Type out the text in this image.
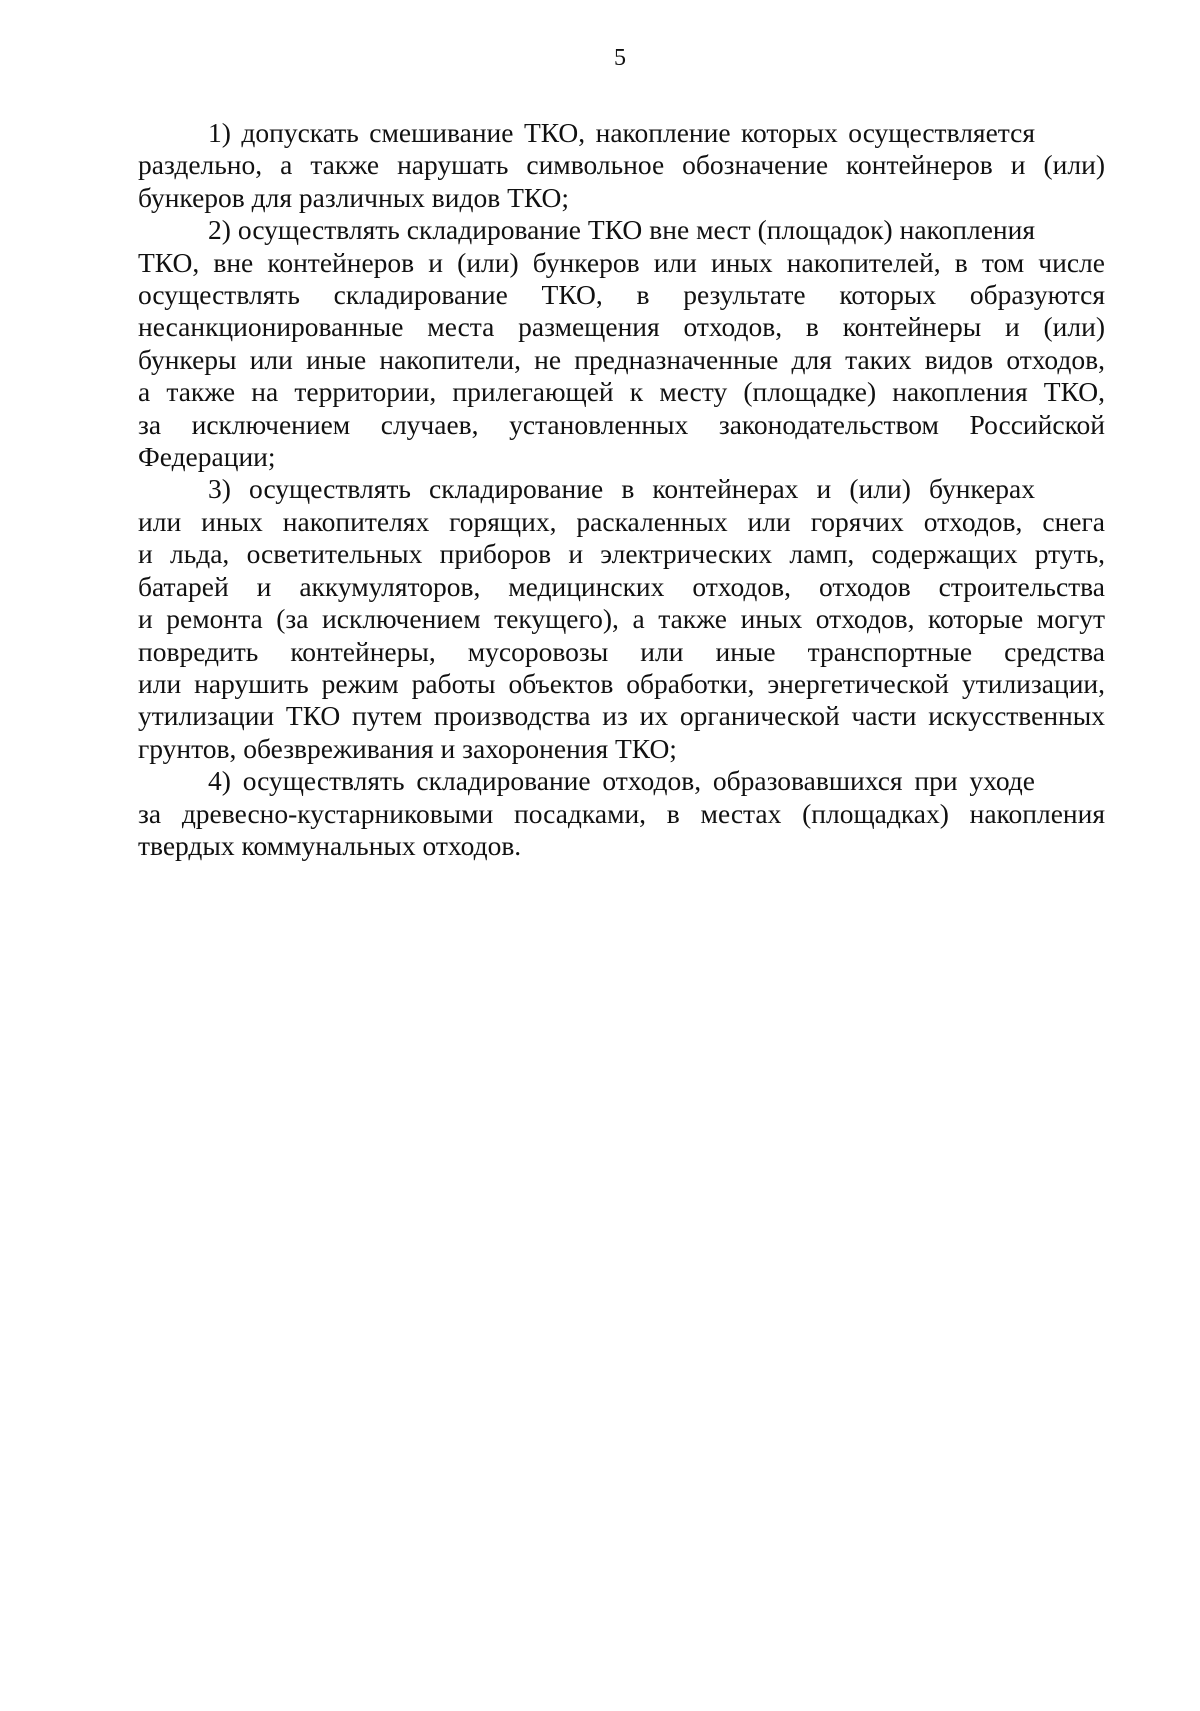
5
1) допускать смешивание ТКО, накопление которых осуществляется
раздельно, а также нарушать символьное обозначение контейнеров и (или)
бункеров для различных видов ТКО;
2) осуществлять складирование ТКО вне мест (площадок) накопления
ТКО, вне контейнеров и (или) бункеров или иных накопителей, в том числе
осуществлять складирование ТКО, в результате которых образуются
несанкционированные места размещения отходов, в контейнеры и (или)
бункеры или иные накопители, не предназначенные для таких видов отходов,
а также на территории, прилегающей к месту (площадке) накопления ТКО,
за исключением случаев, установленных законодательством Российской
Федерации;
3) осуществлять складирование в контейнерах и (или) бункерах
или иных накопителях горящих, раскаленных или горячих отходов, снега
и льда, осветительных приборов и электрических ламп, содержащих ртуть,
батарей и аккумуляторов, медицинских отходов, отходов строительства
и ремонта (за исключением текущего), а также иных отходов, которые могут
повредить контейнеры, мусоровозы или иные транспортные средства
или нарушить режим работы объектов обработки, энергетической утилизации,
утилизации ТКО путем производства из их органической части искусственных
грунтов, обезвреживания и захоронения ТКО;
4) осуществлять складирование отходов, образовавшихся при уходе
за древесно-кустарниковыми посадками, в местах (площадках) накопления
твердых коммунальных отходов.
